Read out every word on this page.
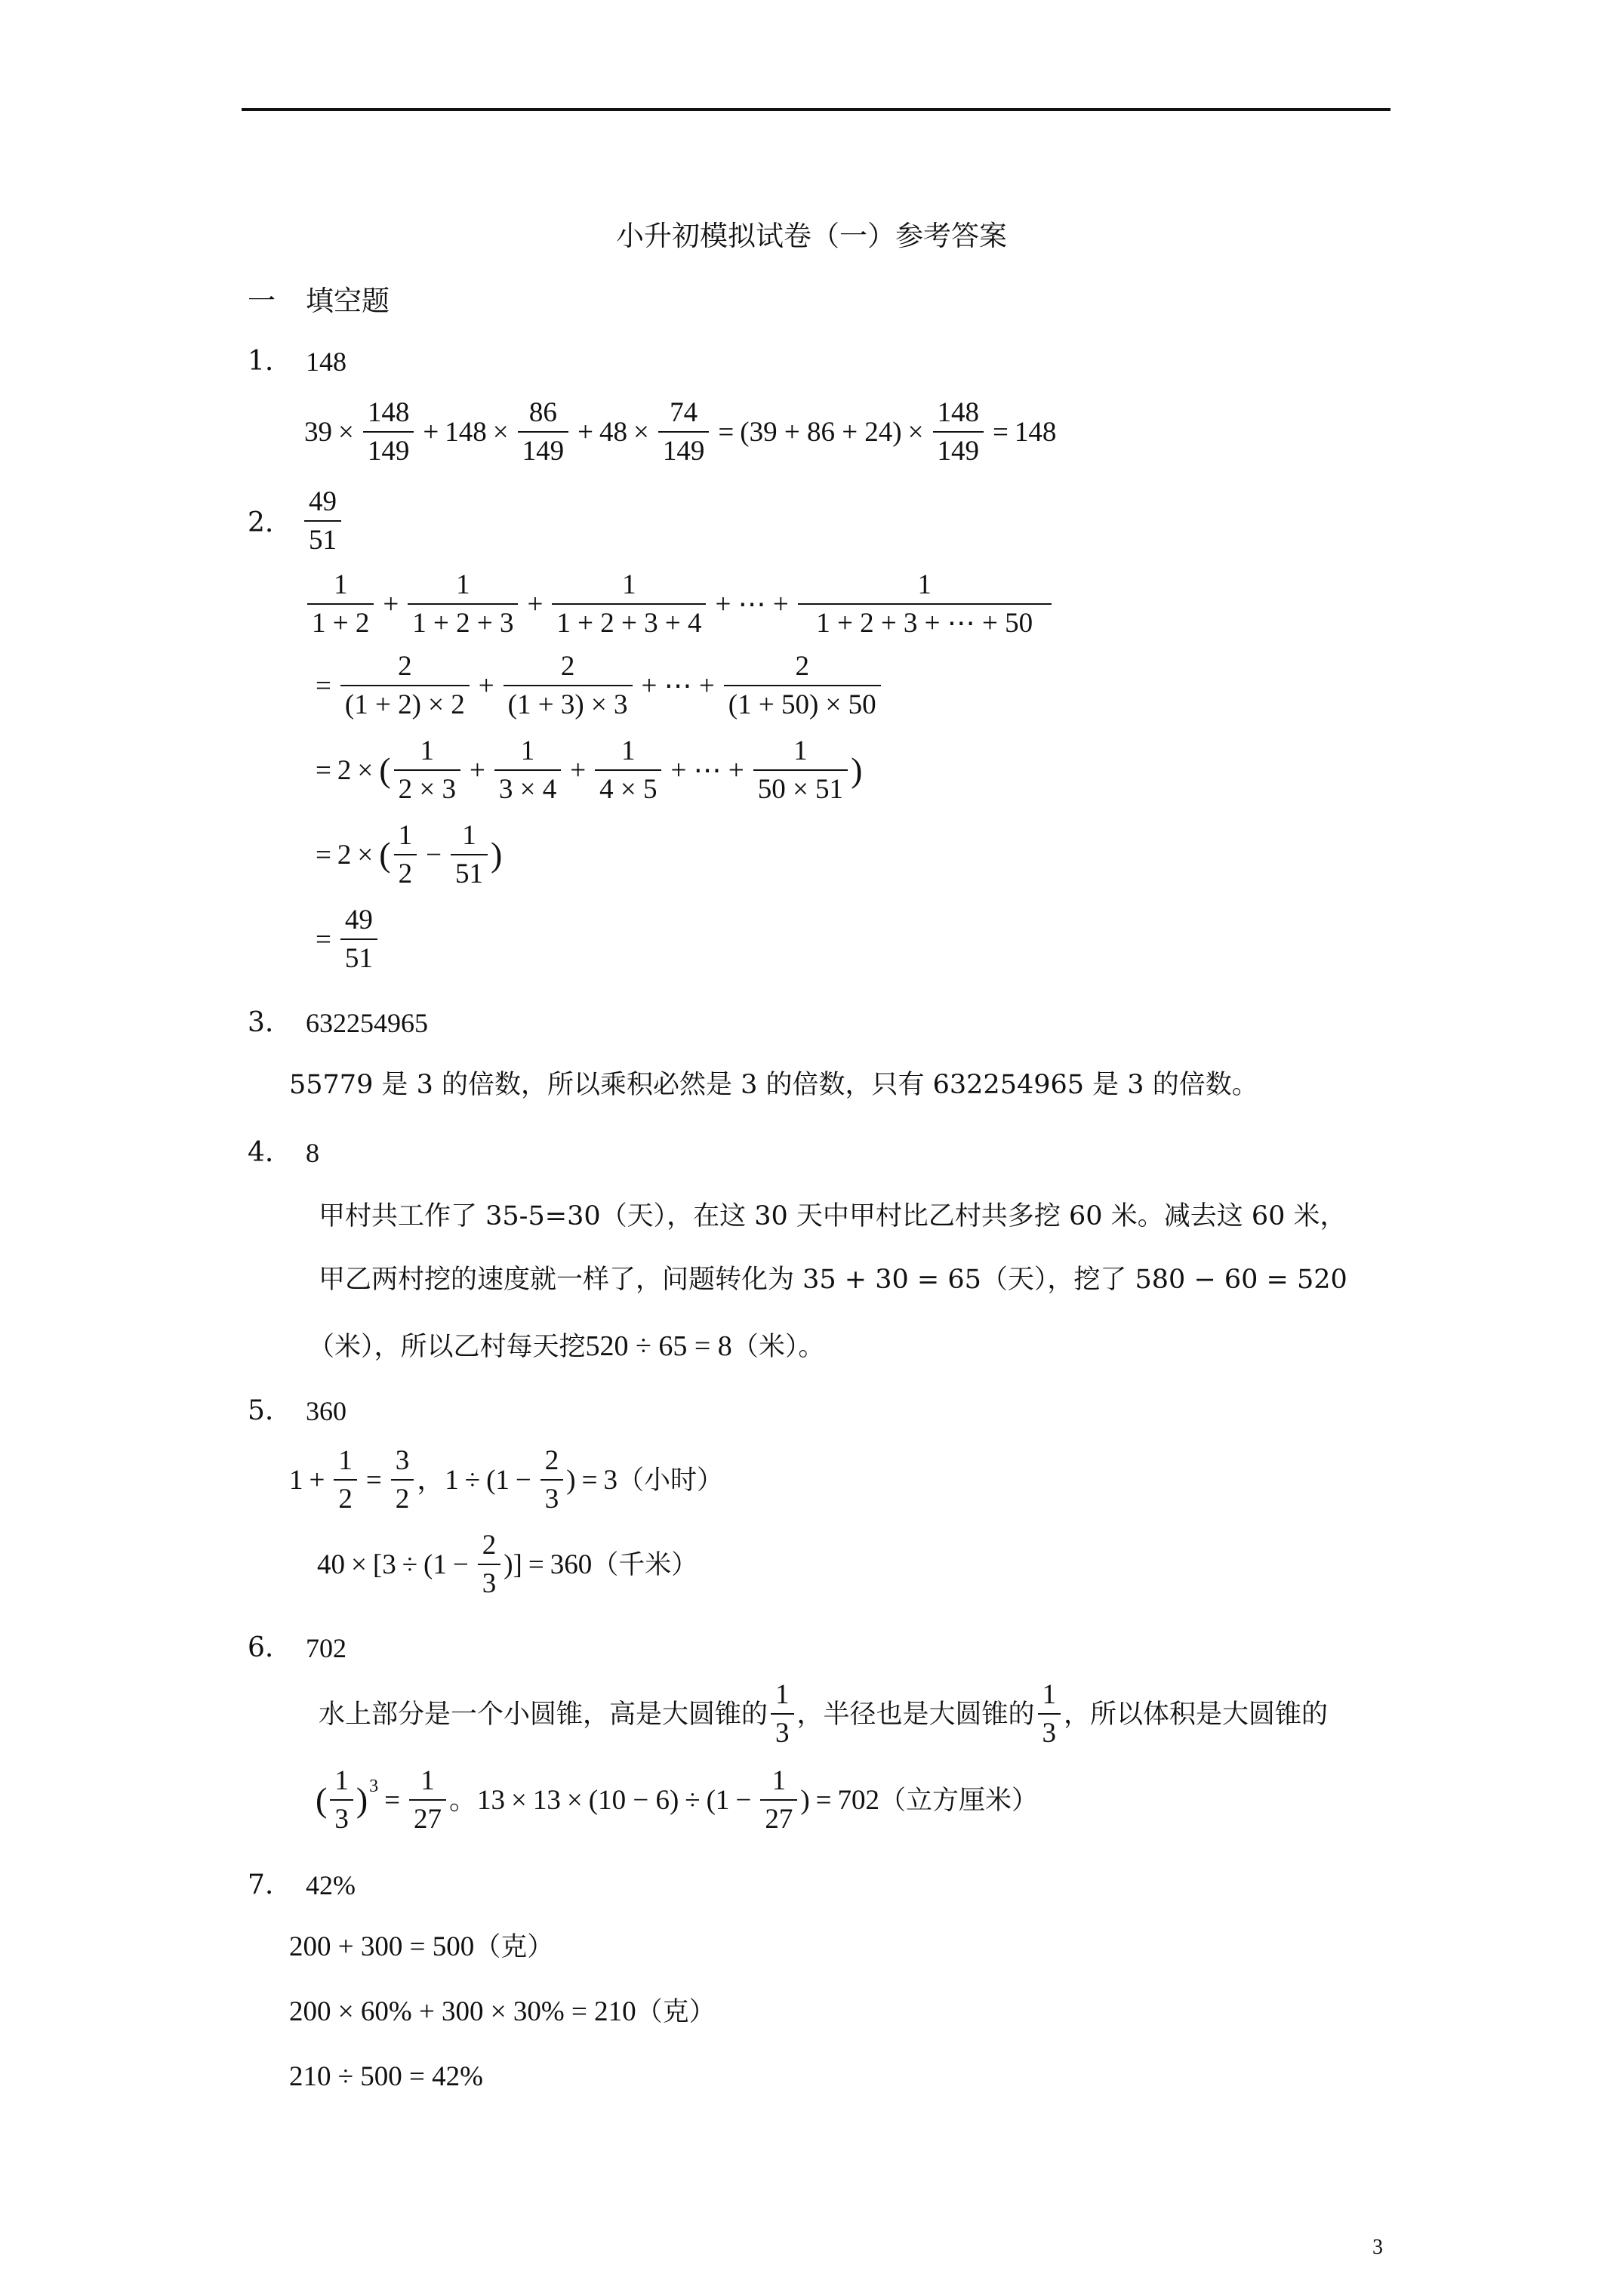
小升初模拟试卷（一）参考答案
一 填空题
1. 148
$39 \times \frac{148}{149} + 148 \times \frac{86}{149} + 48 \times \frac{74}{149} = (39 + 86 + 24) \times \frac{148}{149} = 148$
2.
49
51
1
1 + 2
+ $\frac{1}{1 + 2 + 3} + \frac{1}{1 + 2 + 3 + 4}$ + ⋯ + $\frac{1}{1 + 2 + 3 + \cdots + 50}$
= $\frac{2}{(1 + 2) \times 2} + \frac{2}{(1 + 3) \times 3}$ + ⋯ + $\frac{2}{(1 + 50) \times 50}$
= 2 × ( 1
2 × 3
+ $\frac{1}{3 \times 4} + \frac{1}{4 \times 5}$ + ⋯ + $\frac{1}{50 \times 51}$ )
= 2 × ( 1
2
− $\frac{1}{51}$ )
= $\frac{49}{51}$
3. 632254965
55779 是 3 的倍数，所以乘积必然是 3 的倍数，只有 632254965 是 3 的倍数。
4. 8
甲村共工作了 35-5=30（天），在这 30 天中甲村比乙村共多挖 60 米。减去这 60 米，
甲乙两村挖的速度就一样了，问题转化为 35 + 30 = 65（天），挖了 580 − 60 = 520
（米），所以乙村每天挖520 ÷ 65 = 8（米）。
5. 360
$1 + \frac{1}{2} = \frac{3}{2}$ ，$1 \div (1 - \frac{2}{3}$ ) = 3 （小时）
$40 \times [3 \div (1 - \frac{2}{3}$ )] = 360 （千米）
6. 702
水上部分是一个小圆锥，高是大圆锥的
1
3
，半径也是大圆锥的
1
3
，所以体积是大圆锥的
( 1
3
) $3 = \frac{1}{27}$ 。$13 \times 13 \times (10 - 6) \div (1 - \frac{1}{27}$ ) = 702 （立方厘米）
7. 42%
200 + 300 = 500 （克）
200 × 60% + 300 × 30% = 210 （克）
210 ÷ 500 = 42%
3
